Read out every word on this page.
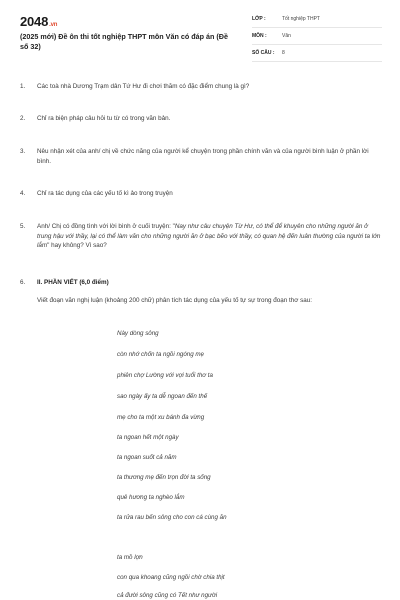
2048.vn
(2025 mới) Đề ôn thi tốt nghiệp THPT môn Văn có đáp án (Đề số 32)
LỚP :	Tốt nghiệp THPT
MÔN :	Văn
SỐ CÂU : 8
1.	Các toà nhà Dương Trạm dân Tứ Hư đi chơi thăm có đặc điểm chung là gì?
2.	Chỉ ra biện pháp câu hỏi tu từ có trong văn bản.
3.	Nêu nhận xét của anh/ chị về chức năng của người kể chuyện trong phần chính văn và của người bình luận ở phần lời bình.
4.	Chỉ ra tác dụng của các yếu tố kì ảo trong truyện
5.	Anh/ Chị có đồng tình với lời bình ở cuối truyện: "Nay như câu chuyện Từ Hư, có thể để khuyên cho những người ăn ở trung hậu với thầy, lại có thể làm văn cho những người ăn ở bạc bẽo với thầy, có quan hệ đến luân thường của người ta lớn lắm" hay không? Vì sao?
6.	II. PHẦN VIẾT (6,0 điểm)
Viết đoạn văn nghị luận (khoảng 200 chữ) phân tích tác dụng của yếu tố tự sự trong đoạn thơ sau:
Này dòng sông
còn nhớ chốn ta ngồi ngóng mẹ
phiên chợ Lường với vợi tuổi thơ ta
sao ngày ấy ta dễ ngoan đến thế
mẹ cho ta một xu bánh đa vừng
ta ngoan hết một ngày
ta ngoan suốt cả năm
ta thương mẹ đến trọn đời ta sống
quê hương ta nghèo lắm
ta rửa rau bến sông cho con cá cùng ăn
ta mồ lợn
con qua khoang cũng ngồi chờ chia thịt
cả đười sông cũng có Tết như người
